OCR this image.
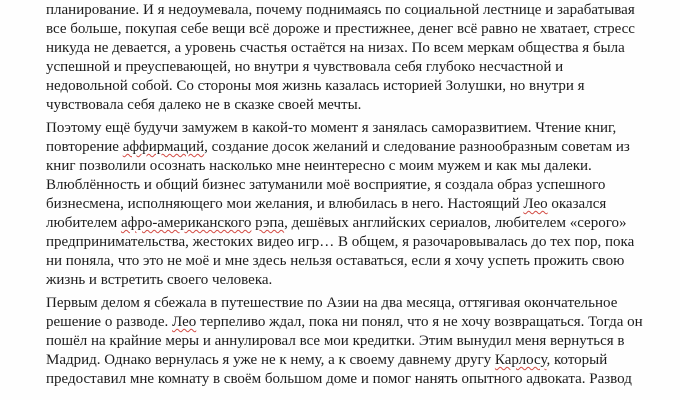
планирование. И я недоумевала, почему поднимаясь по социальной лестнице и зарабатывая
все больше, покупая себе вещи всё дороже и престижнее, денег всё равно не хватает, стресс
никуда не девается, а уровень счастья остаётся на низах. По всем меркам общества я была
успешной и преуспевающей, но внутри я чувствовала себя глубоко несчастной и
недовольной собой. Со стороны моя жизнь казалась историей Золушки, но внутри я
чувствовала себя далеко не в сказке своей мечты.
Поэтому ещё будучи замужем в какой-то момент я занялась саморазвитием. Чтение книг,
повторение аффирмаций, создание досок желаний и следование разнообразным советам из
книг позволили осознать насколько мне неинтересно с моим мужем и как мы далеки.
Влюблённость и общий бизнес затуманили моё восприятие, я создала образ успешного
бизнесмена, исполняющего мои желания, и влюбилась в него. Настоящий Лео оказался
любителем афро-американского рэпа, дешёвых английских сериалов, любителем «серого»
предпринимательства, жестоких видео игр… В общем, я разочаровывалась до тех пор, пока
ни поняла, что это не моё и мне здесь нельзя оставаться, если я хочу успеть прожить свою
жизнь и встретить своего человека.
Первым делом я сбежала в путешествие по Азии на два месяца, оттягивая окончательное
решение о разводе. Лео терпеливо ждал, пока ни понял, что я не хочу возвращаться. Тогда он
пошёл на крайние меры и аннулировал все мои кредитки. Этим вынудил меня вернуться в
Мадрид. Однако вернулась я уже не к нему, а к своему давнему другу Карлосу, который
предоставил мне комнату в своём большом доме и помог нанять опытного адвоката. Развод
